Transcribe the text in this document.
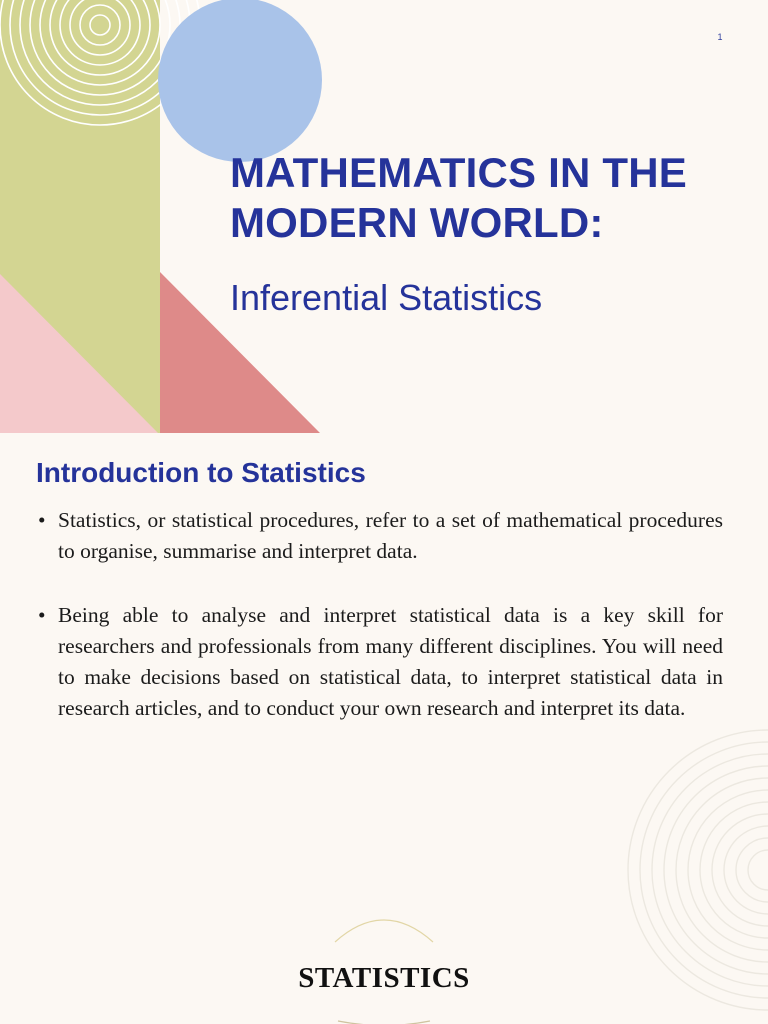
1
MATHEMATICS IN THE MODERN WORLD:
Inferential Statistics
Introduction to Statistics
• Statistics, or statistical procedures, refer to a set of mathematical procedures to organise, summarise and interpret data.
• Being able to analyse and interpret statistical data is a key skill for researchers and professionals from many different disciplines. You will need to make decisions based on statistical data, to interpret statistical data in research articles, and to conduct your own research and interpret its data.
STATISTICS
